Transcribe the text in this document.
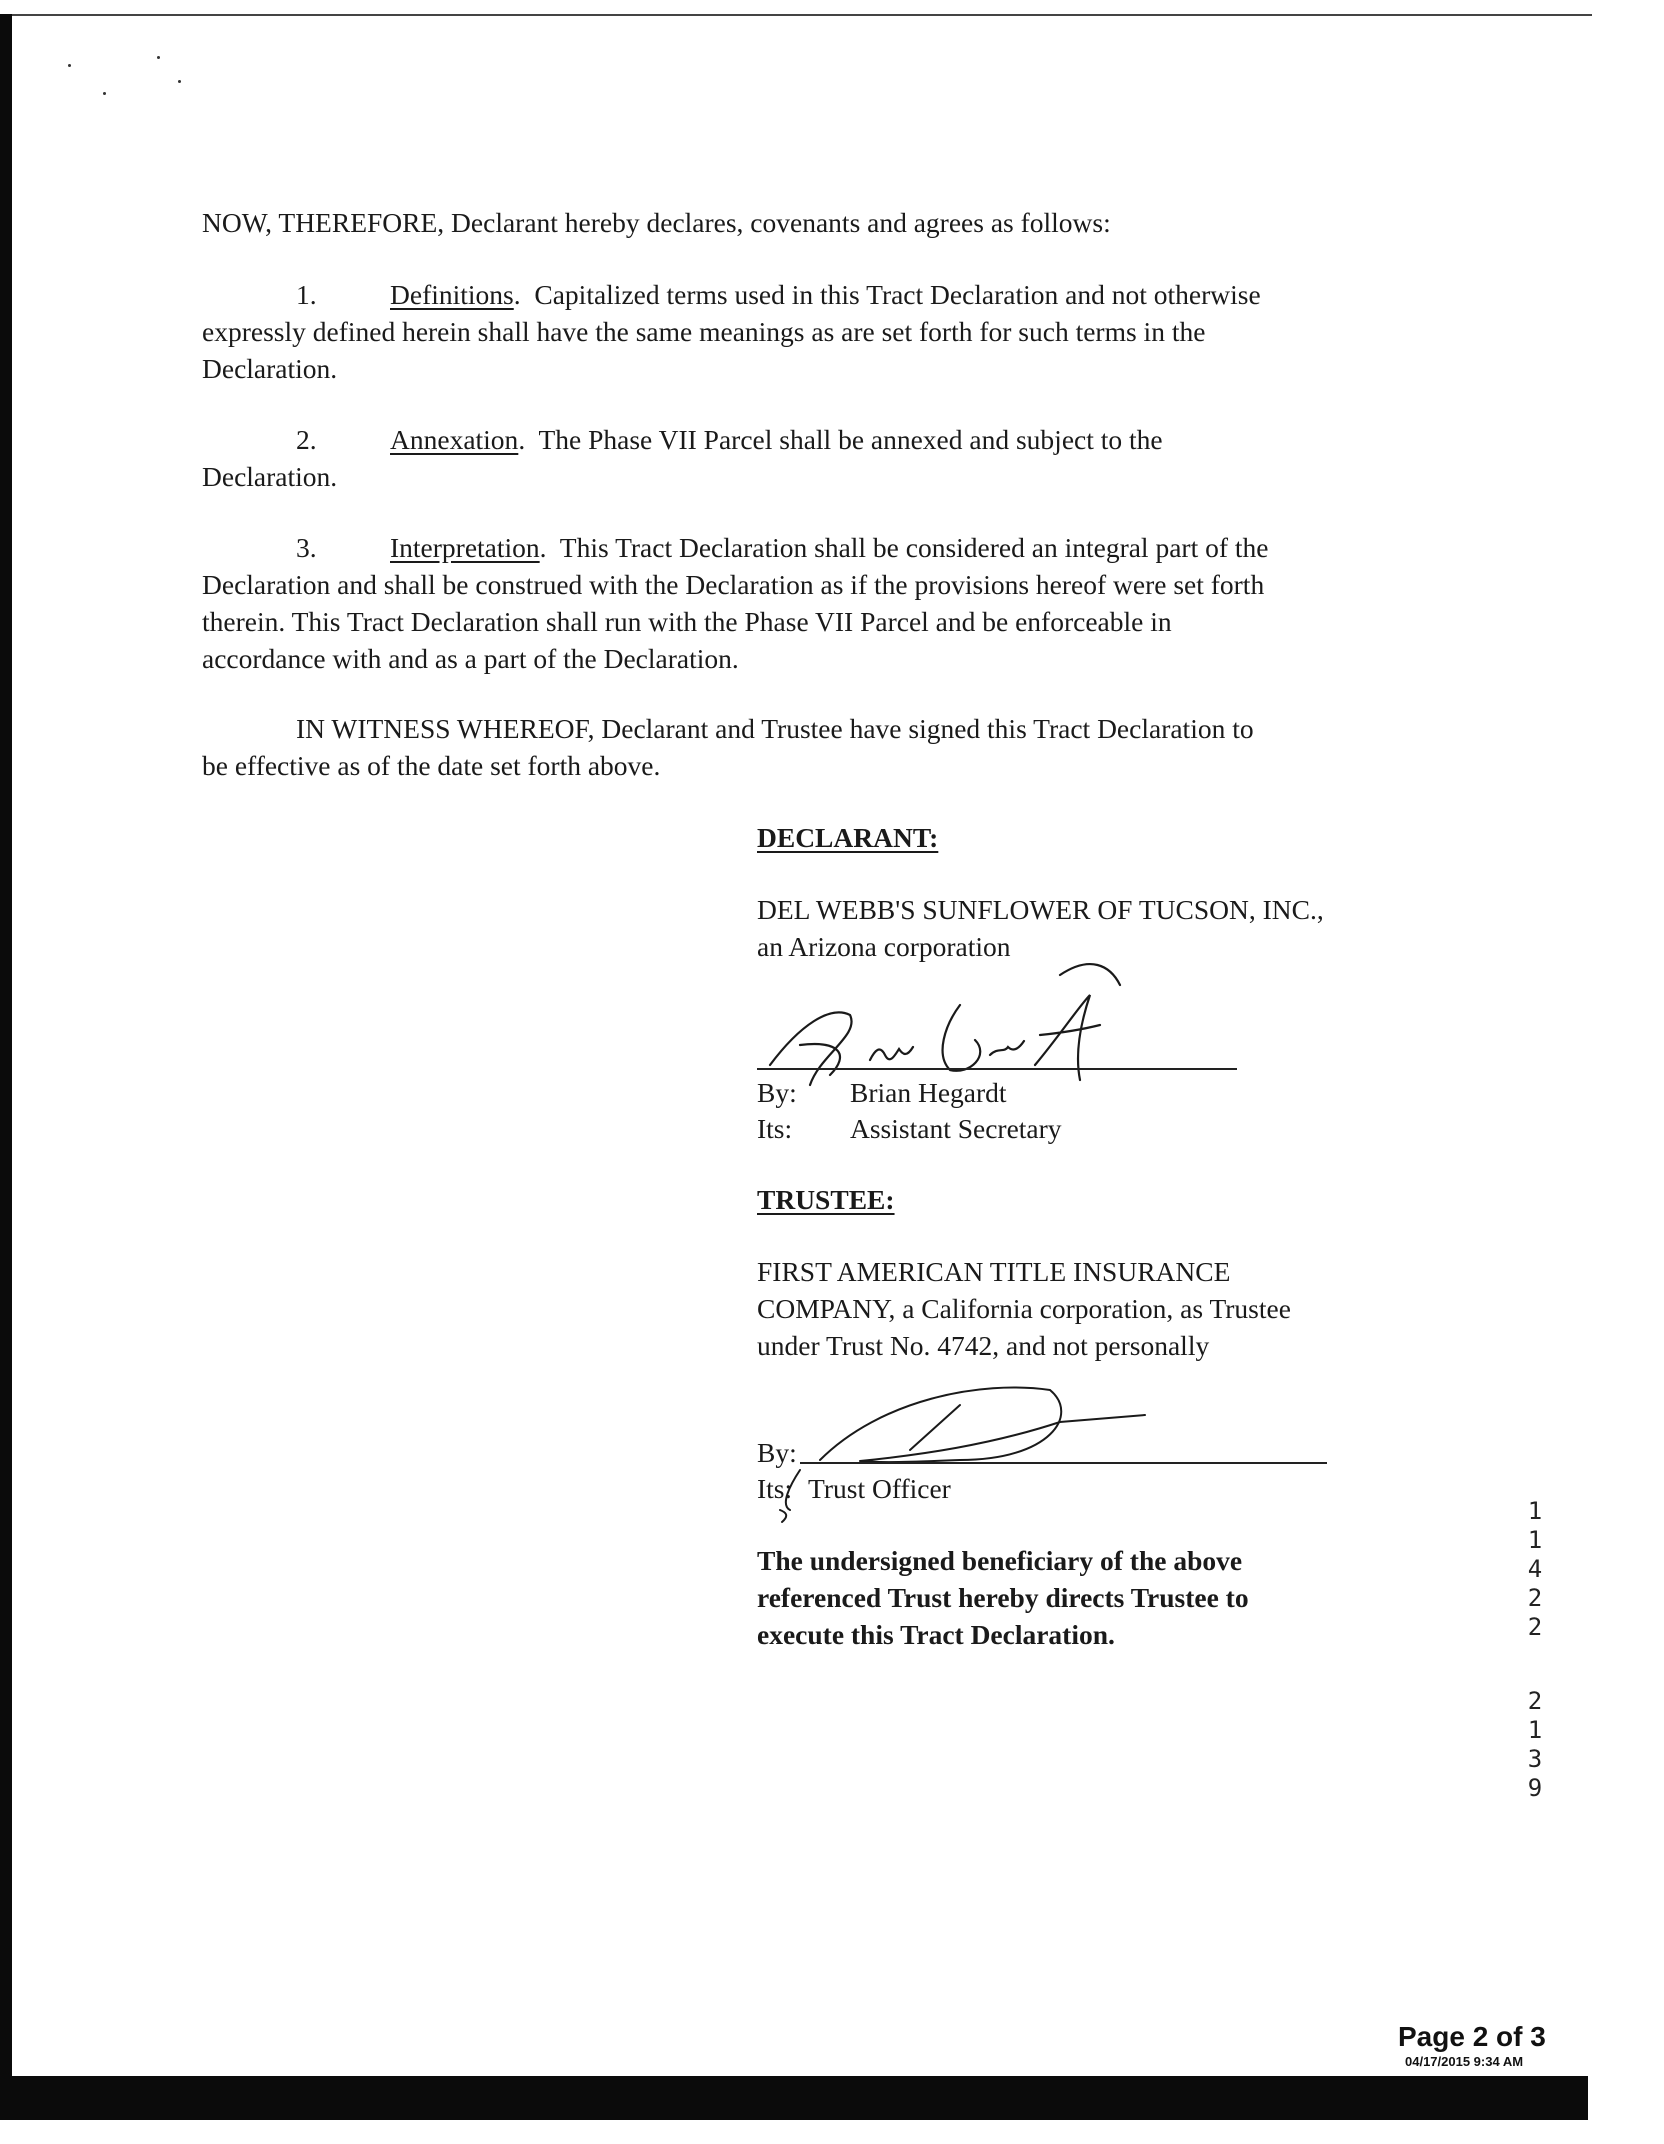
NOW, THEREFORE, Declarant hereby declares, covenants and agrees as follows:
1.	Definitions.  Capitalized terms used in this Tract Declaration and not otherwise
expressly defined herein shall have the same meanings as are set forth for such terms in the
Declaration.
2.	Annexation.  The Phase VII Parcel shall be annexed and subject to the
Declaration.
3.	Interpretation.  This Tract Declaration shall be considered an integral part of the
Declaration and shall be construed with the Declaration as if the provisions hereof were set forth
therein. This Tract Declaration shall run with the Phase VII Parcel and be enforceable in
accordance with and as a part of the Declaration.
IN WITNESS WHEREOF, Declarant and Trustee have signed this Tract Declaration to
be effective as of the date set forth above.
DECLARANT:
DEL WEBB'S SUNFLOWER OF TUCSON, INC.,
an Arizona corporation
By: Brian Hegardt
Its: Assistant Secretary
TRUSTEE:
FIRST AMERICAN TITLE INSURANCE
COMPANY, a California corporation, as Trustee
under Trust No. 4742, and not personally
By:
Its: Trust Officer
The undersigned beneficiary of the above
referenced Trust hereby directs Trustee to
execute this Tract Declaration.
1
1
4
2
2
2
1
3
9
Page 2 of 3
04/17/2015 9:34 AM
